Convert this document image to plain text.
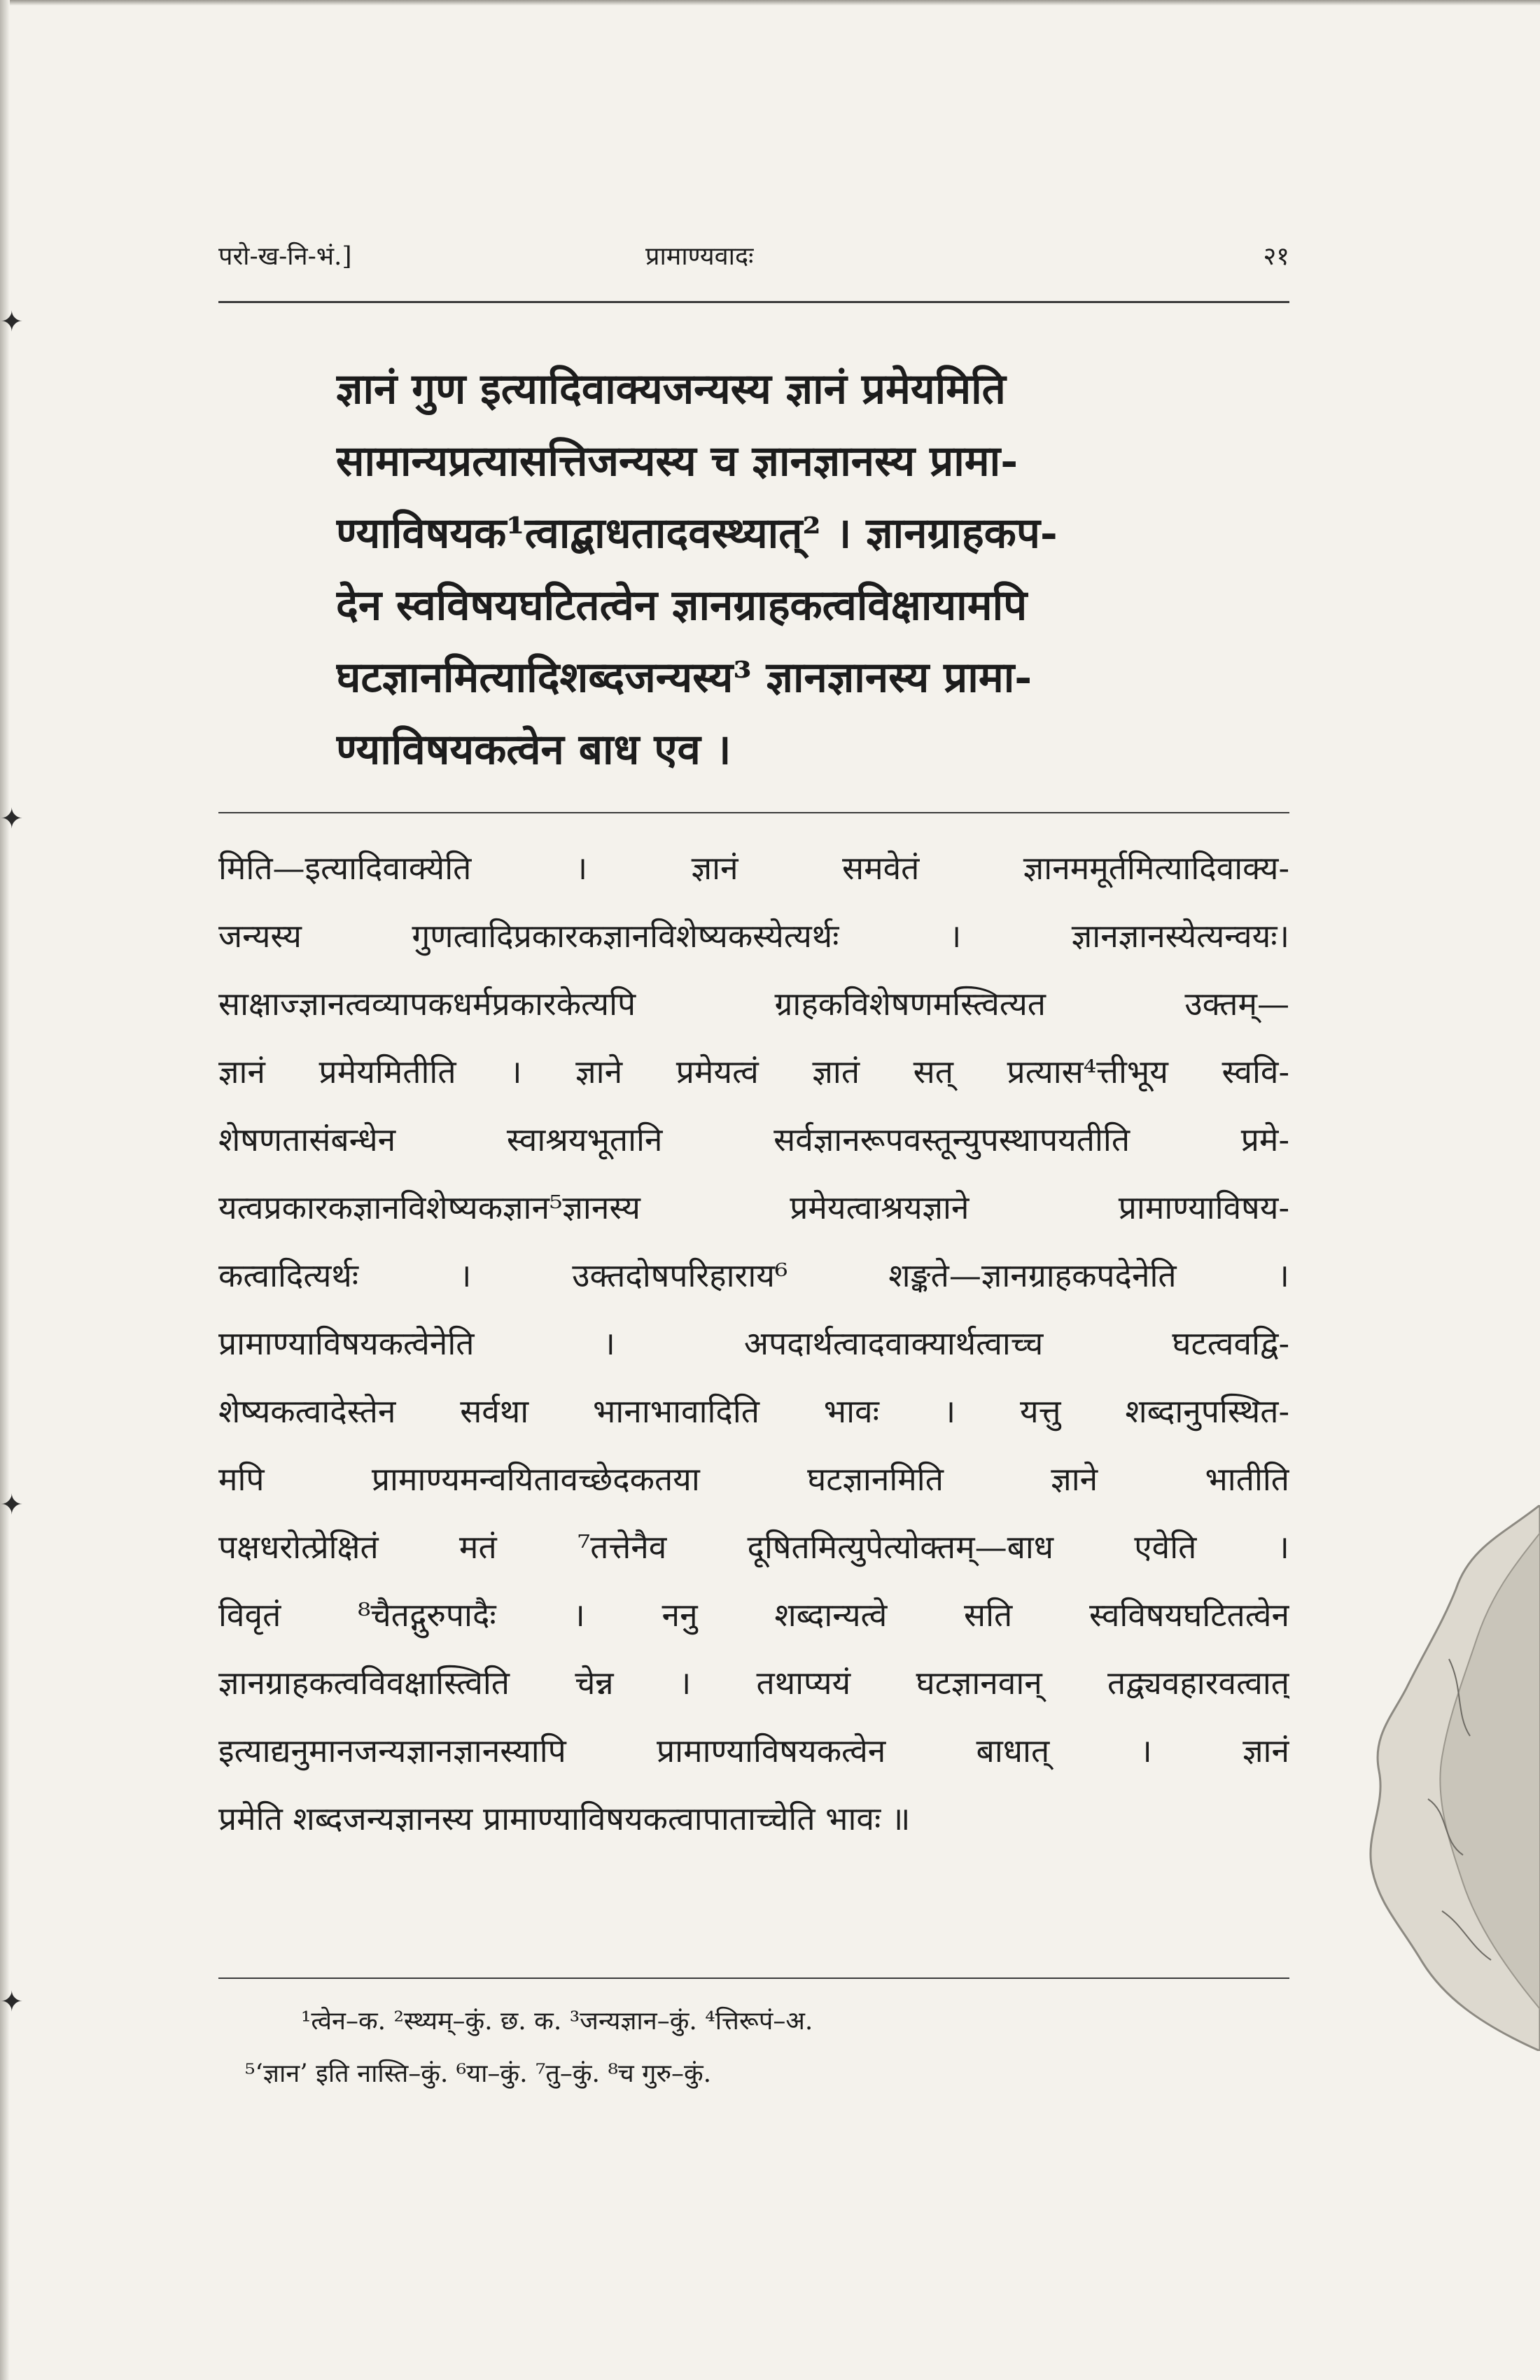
✦
✦
✦
✦
परो-ख-नि-भं.]	प्रामाण्यवादः	२१
ज्ञानं गुण इत्यादिवाक्यजन्यस्य ज्ञानं प्रमेयमिति
सामान्यप्रत्यासत्तिजन्यस्य च ज्ञानज्ञानस्य प्रामा-
ण्याविषयक¹त्वाद्बाधतादवस्थ्यात्² । ज्ञानग्राहकप-
देन स्वविषयघटितत्वेन ज्ञानग्राहकत्वविक्षायामपि
घटज्ञानमित्यादिशब्दजन्यस्य³ ज्ञानज्ञानस्य प्रामा-
ण्याविषयकत्वेन बाध एव ।
मिति—इत्यादिवाक्येति । ज्ञानं समवेतं ज्ञानममूर्तमित्यादिवाक्य-
जन्यस्य गुणत्वादिप्रकारकज्ञानविशेष्यकस्येत्यर्थः । ज्ञानज्ञानस्येत्यन्वयः।
साक्षाज्ज्ञानत्वव्यापकधर्मप्रकारकेत्यपि ग्राहकविशेषणमस्त्वित्यत उक्तम्—
ज्ञानं प्रमेयमितीति । ज्ञाने प्रमेयत्वं ज्ञातं सत् प्रत्यास⁴त्तीभूय स्ववि-
शेषणतासंबन्धेन स्वाश्रयभूतानि सर्वज्ञानरूपवस्तून्युपस्थापयतीति प्रमे-
यत्वप्रकारकज्ञानविशेष्यकज्ञान⁵ज्ञानस्य प्रमेयत्वाश्रयज्ञाने प्रामाण्याविषय-
कत्वादित्यर्थः । उक्तदोषपरिहाराय⁶ शङ्कते—ज्ञानग्राहकपदेनेति ।
प्रामाण्याविषयकत्वेनेति । अपदार्थत्वादवाक्यार्थत्वाच्च घटत्ववद्वि-
शेष्यकत्वादेस्तेन सर्वथा भानाभावादिति भावः । यत्तु शब्दानुपस्थित-
मपि प्रामाण्यमन्वयितावच्छेदकतया घटज्ञानमिति ज्ञाने भातीति
पक्षधरोत्प्रेक्षितं मतं ⁷तत्तेनैव दूषितमित्युपेत्योक्तम्—बाध एवेति ।
विवृतं ⁸चैतद्गुरुपादैः । ननु शब्दान्यत्वे सति स्वविषयघटितत्वेन
ज्ञानग्राहकत्वविवक्षास्त्विति चेन्न । तथाप्ययं घटज्ञानवान् तद्व्यवहारवत्वात्
इत्याद्यनुमानजन्यज्ञानज्ञानस्यापि प्रामाण्याविषयकत्वेन बाधात् । ज्ञानं
प्रमेति शब्दजन्यज्ञानस्य प्रामाण्याविषयकत्वापाताच्चेति भावः ॥
¹त्वेन–क. ²स्थ्यम्–कुं. छ. क. ³जन्यज्ञान–कुं. ⁴त्तिरूपं–अ.
⁵‘ज्ञान’ इति नास्ति–कुं. ⁶या–कुं. ⁷तु–कुं. ⁸च गुरु–कुं.
